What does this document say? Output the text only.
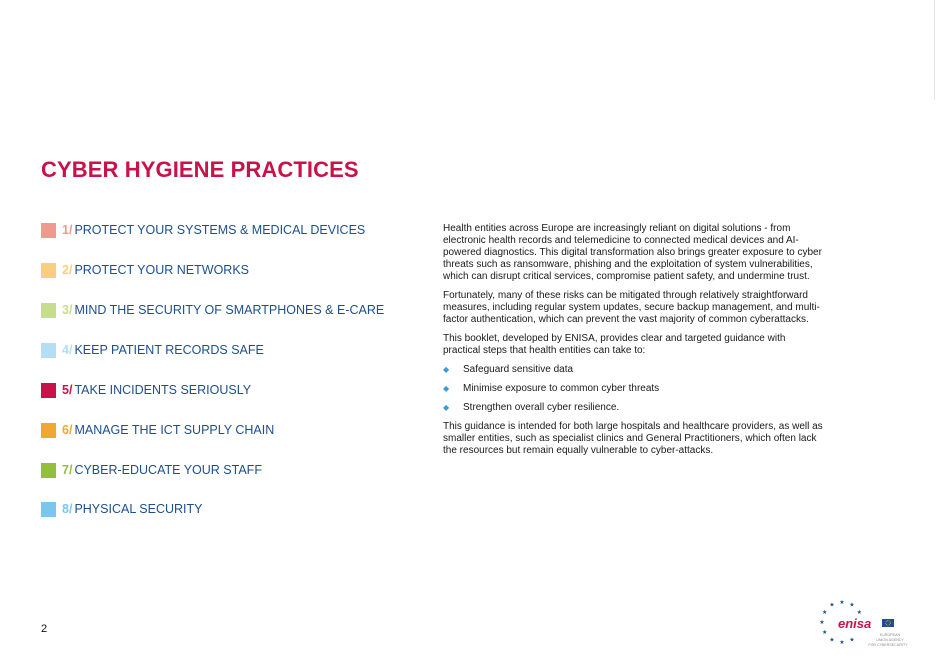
CYBER HYGIENE PRACTICES
1/ PROTECT YOUR SYSTEMS & MEDICAL DEVICES
2/ PROTECT YOUR NETWORKS
3/ MIND THE SECURITY OF SMARTPHONES & E-CARE
4/ KEEP PATIENT RECORDS SAFE
5/ TAKE INCIDENTS SERIOUSLY
6/ MANAGE THE ICT SUPPLY CHAIN
7/ CYBER-EDUCATE YOUR STAFF
8/ PHYSICAL SECURITY

Health entities across Europe are increasingly reliant on digital solutions - from electronic health records and telemedicine to connected medical devices and AI-powered diagnostics. This digital transformation also brings greater exposure to cyber threats such as ransomware, phishing and the exploitation of system vulnerabilities, which can disrupt critical services, compromise patient safety, and undermine trust.

Fortunately, many of these risks can be mitigated through relatively straightforward measures, including regular system updates, secure backup management, and multi-factor authentication, which can prevent the vast majority of common cyberattacks.

This booklet, developed by ENISA, provides clear and targeted guidance with practical steps that health entities can take to:

◆	Safeguard sensitive data
◆	Minimise exposure to common cyber threats
◆	Strengthen overall cyber resilience.

This guidance is intended for both large hospitals and healthcare providers, as well as smaller entities, such as specialist clinics and General Practitioners, which often lack the resources but remain equally vulnerable to cyber-attacks.

2
★ ★
★
★
★
★
★
★
★
★
enisa
EUROPEAN
UNION AGENCY
FOR CYBERSECURITY
